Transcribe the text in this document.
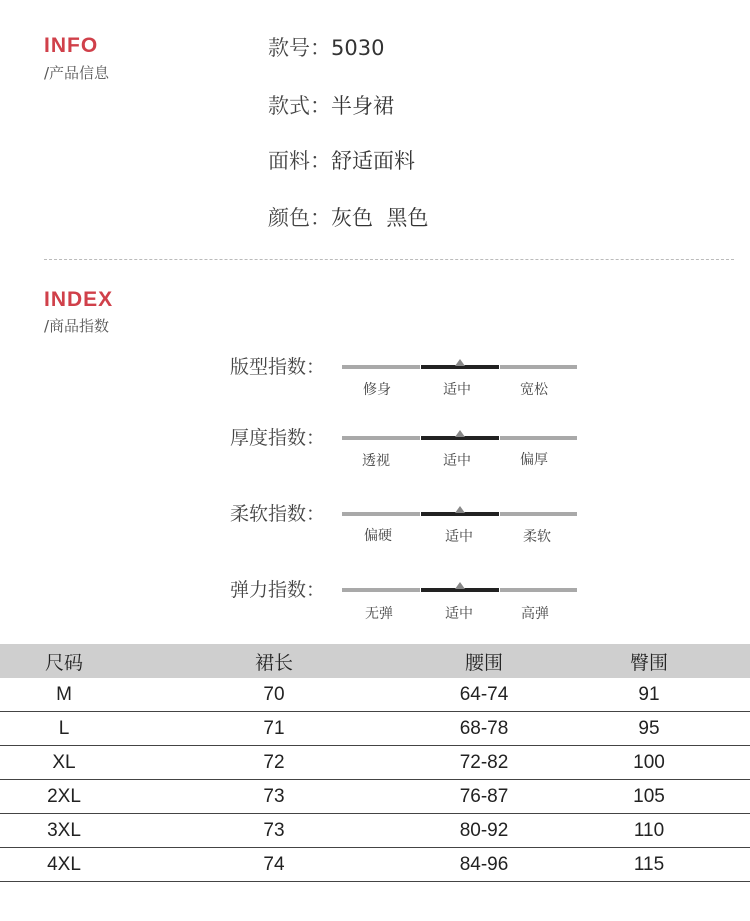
INFO
/产品信息
款号：5030
款式：半身裙
面料：舒适面料
颜色：灰色  黑色
INDEX
/商品指数
版型指数：
修身	适中	宽松
厚度指数：
透视	适中	偏厚
柔软指数：
偏硬	适中	柔软
弹力指数：
无弹	适中	高弹
尺码	裙长	腰围	臀围
M	70	64-74	91
L	71	68-78	95
XL	72	72-82	100
2XL	73	76-87	105
3XL	73	80-92	110
4XL	74	84-96	115
